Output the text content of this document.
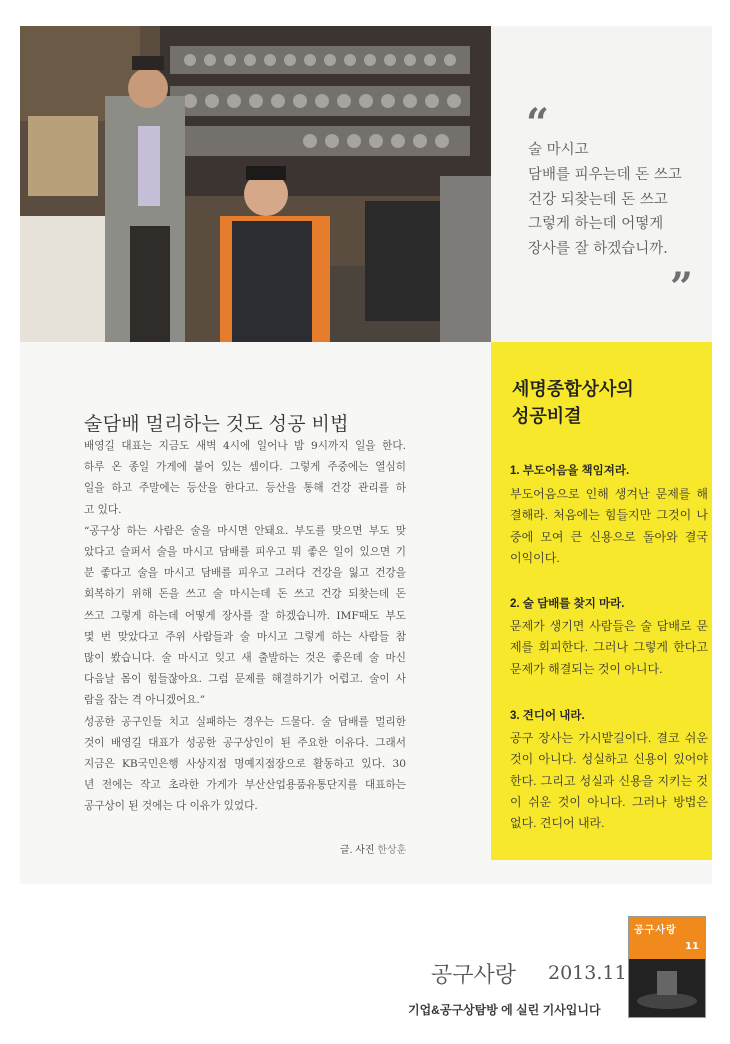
“
술 마시고
담배를 피우는데 돈 쓰고
건강 되찾는데 돈 쓰고
그렇게 하는데 어떻게
장사를 잘 하겠습니까.
”
술담배 멀리하는 것도 성공 비법

배영길 대표는 지금도 새벽 4시에 일어나 밤 9시까지 일을 한다.

하루 온 종일 가게에 붙어 있는 셈이다. 그렇게 주중에는 열심히

일을 하고 주말에는 등산을 한다고. 등산을 통해 건강 관리를 하

고 있다.

“공구상 하는 사람은 술을 마시면 안돼요. 부도를 맞으면 부도 맞

았다고 슬퍼서 술을 마시고 담배를 피우고 뭐 좋은 일이 있으면 기

분 좋다고 술을 마시고 담배를 피우고 그러다 건강을 잃고 건강을

회복하기 위해 돈을 쓰고 술 마시는데 돈 쓰고 건강 되찾는데 돈

쓰고 그렇게 하는데 어떻게 장사를 잘 하겠습니까. IMF때도 부도

몇 번 맞았다고 주위 사람들과 술 마시고 그렇게 하는 사람들 참

많이 봤습니다. 술 마시고 잊고 새 출발하는 것은 좋은데 술 마신

다음날 몸이 힘들잖아요. 그럼 문제를 해결하기가 어렵고. 술이 사

람을 잡는 격 아니겠어요.”

성공한 공구인들 치고 실패하는 경우는 드물다. 술 담배를 멀리한

것이 배영길 대표가 성공한 공구상인이 된 주요한 이유다. 그래서

지금은 KB국민은행 사상지점 명예지점장으로 활동하고 있다. 30

년 전에는 작고 초라한 가게가 부산산업용품유통단지를 대표하는

공구상이 된 것에는 다 이유가 있었다.

글. 사진 한상훈
세명종합상사의
성공비결

1. 부도어음을 책임져라.

부도어음으로 인해 생겨난 문제를 해
결해라. 처음에는 힘들지만 그것이 나
중에 모여 큰 신용으로 돌아와 결국
이익이다.

2. 술 담배를 찾지 마라.

문제가 생기면 사람들은 술 담배로 문
제를 회피한다. 그러나 그렇게 한다고
문제가 해결되는 것이 아니다.

3. 견디어 내라.

공구 장사는 가시밭길이다. 결코 쉬운
것이 아니다. 성실하고 신용이 있어야
한다. 그리고 성실과 신용을 지키는 것
이 쉬운 것이 아니다. 그러나 방법은
없다. 견디어 내라.

공구사랑 2013.11
기업&공구상탐방 에 실린 기사입니다
공구사랑
11
